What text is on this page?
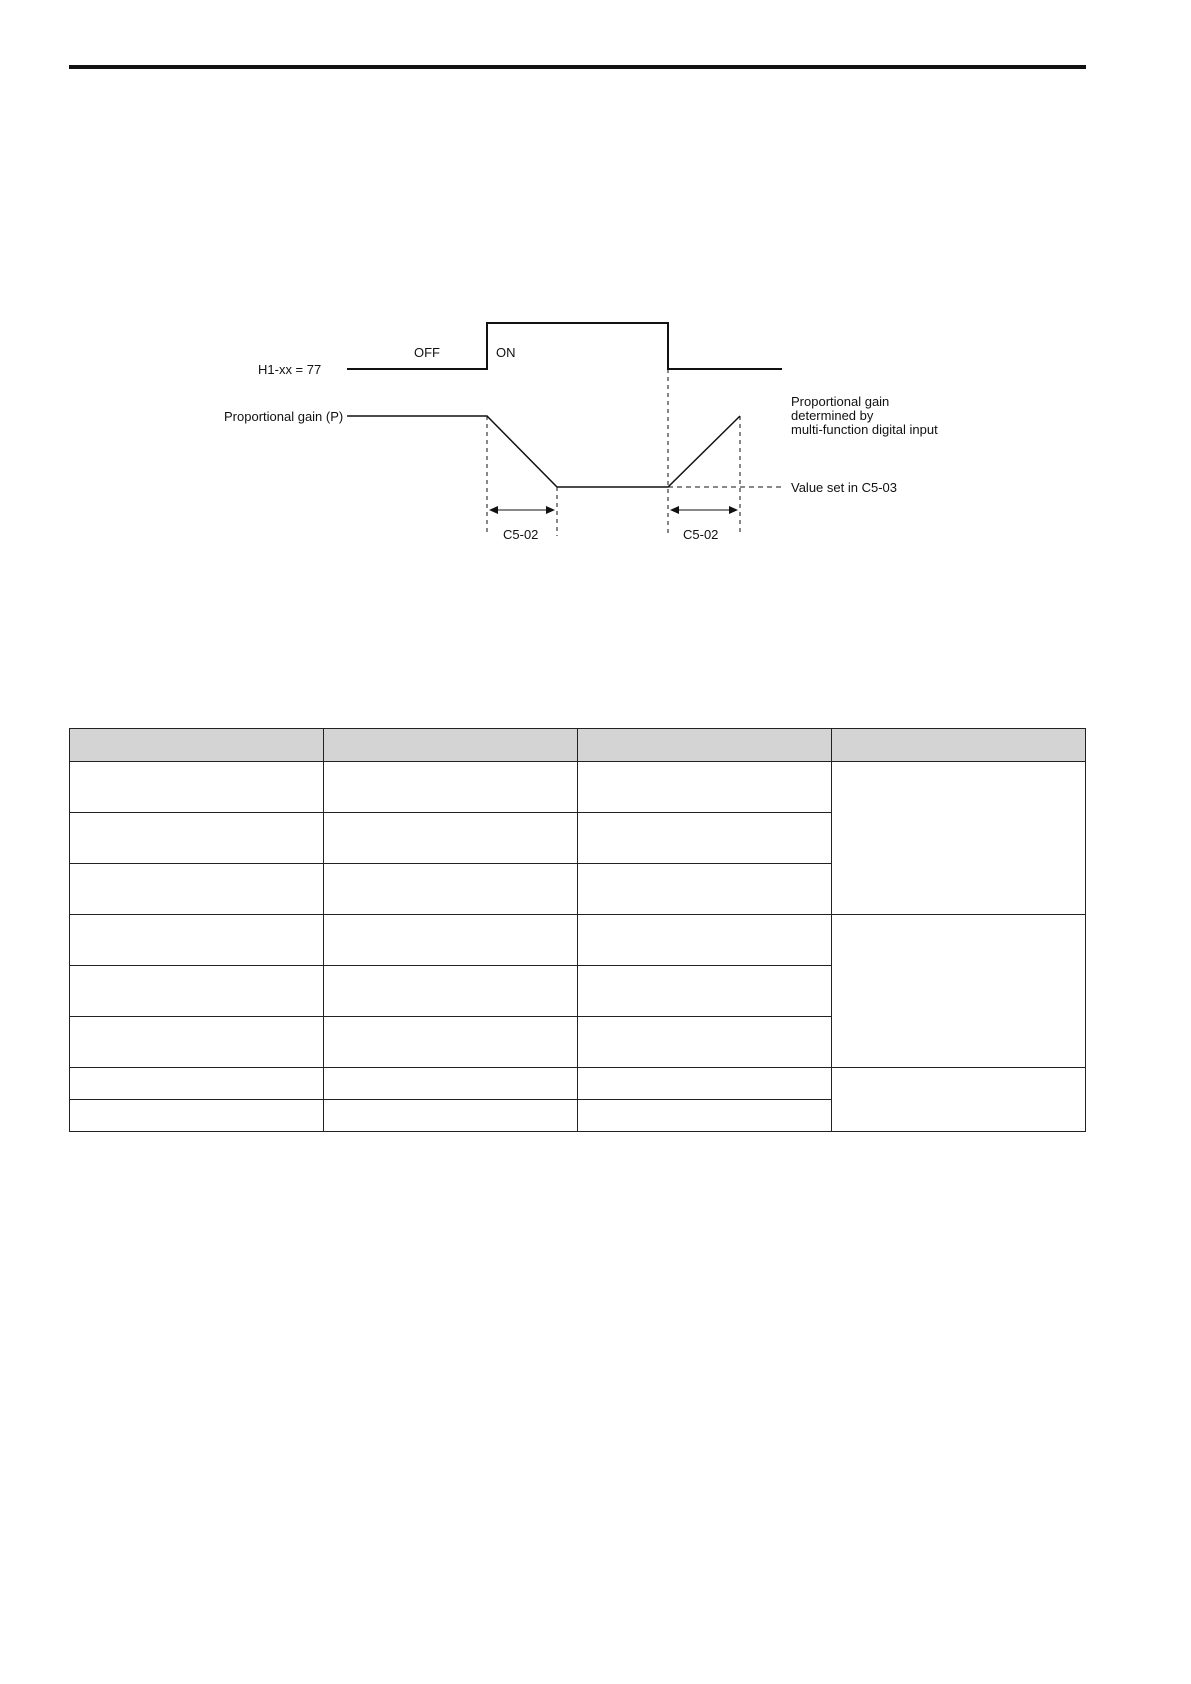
H1-xx = 77
OFF	ON
Proportional gain (P)
Value set in C5-03
Proportional gain
determined by
multi-function digital input
C5-02	C5-02
